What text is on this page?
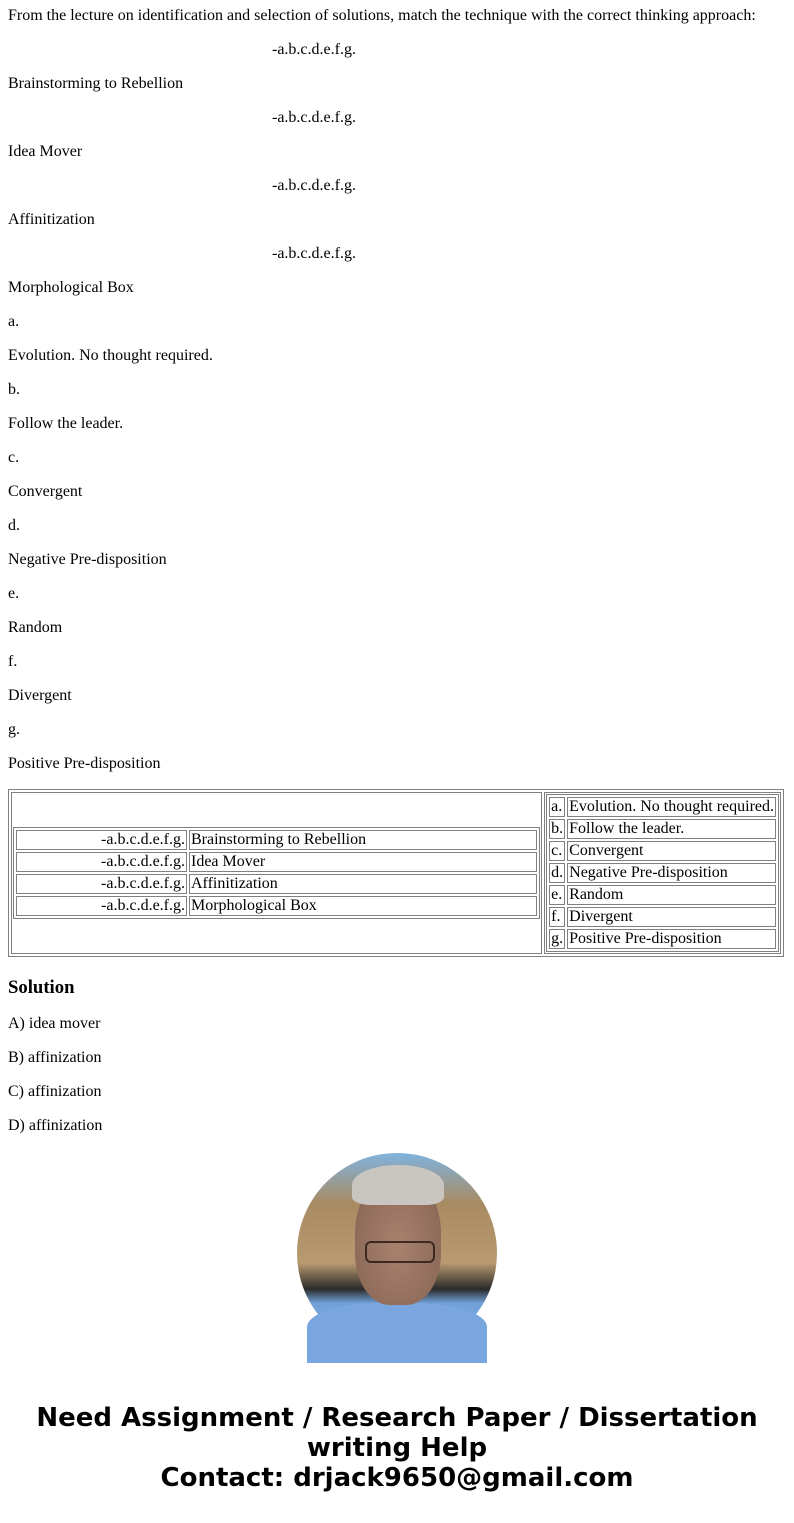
From the lecture on identification and selection of solutions, match the technique with the correct thinking approach:

-a.b.c.d.e.f.g.

Brainstorming to Rebellion

-a.b.c.d.e.f.g.

Idea Mover

-a.b.c.d.e.f.g.

Affinitization

-a.b.c.d.e.f.g.

Morphological Box

a.

Evolution. No thought required.

b.

Follow the leader.

c.

Convergent

d.

Negative Pre-disposition

e.

Random

f.

Divergent

g.

Positive Pre-disposition

-a.b.c.d.e.f.g.	Brainstorming to Rebellion
-a.b.c.d.e.f.g.	Idea Mover
-a.b.c.d.e.f.g.	Affinitization
-a.b.c.d.e.f.g.	Morphological Box

a.	Evolution. No thought required.
b.	Follow the leader.
c.	Convergent
d.	Negative Pre-disposition
e.	Random
f.	Divergent
g.	Positive Pre-disposition
Solution

A) idea mover

B) affinization

C) affinization

D) affinization

Need Assignment / Research Paper / Dissertation
writing Help
Contact: drjack9650@gmail.com
